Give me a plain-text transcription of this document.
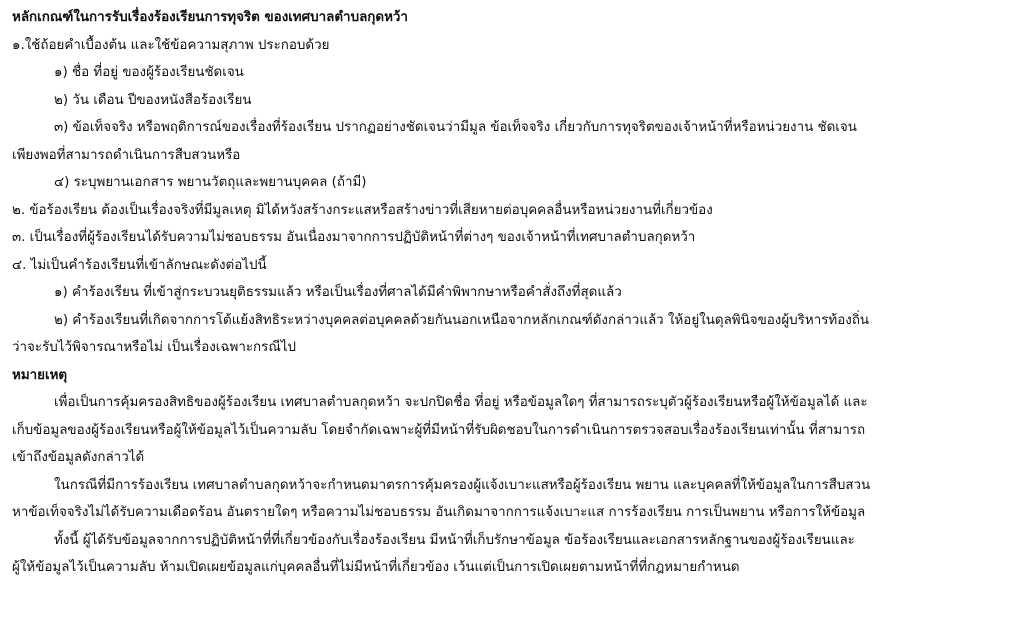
หลักเกณฑ์ในการรับเรื่องร้องเรียนการทุจริต ของเทศบาลตำบลกุดหว้า
๑.ใช้ถ้อยคำเบื้องต้น และใช้ข้อความสุภาพ ประกอบด้วย
๑) ชื่อ ที่อยู่ ของผู้ร้องเรียนชัดเจน
๒) วัน เดือน ปีของหนังสือร้องเรียน
๓) ข้อเท็จจริง หรือพฤติการณ์ของเรื่องที่ร้องเรียน ปรากฏอย่างชัดเจนว่ามีมูล ข้อเท็จจริง เกี่ยวกับการทุจริตของเจ้าหน้าที่หรือหน่วยงาน ชัดเจน
เพียงพอที่สามารถดำเนินการสืบสวนหรือ
๔) ระบุพยานเอกสาร พยานวัตถุและพยานบุคคล (ถ้ามี)
๒. ข้อร้องเรียน ต้องเป็นเรื่องจริงที่มีมูลเหตุ มิได้หวังสร้างกระแสหรือสร้างข่าวที่เสียหายต่อบุคคลอื่นหรือหน่วยงานที่เกี่ยวข้อง
๓. เป็นเรื่องที่ผู้ร้องเรียนได้รับความไม่ชอบธรรม อันเนื่องมาจากการปฏิบัติหน้าที่ต่างๆ ของเจ้าหน้าที่เทศบาลตำบลกุดหว้า
๔. ไม่เป็นคำร้องเรียนที่เข้าลักษณะดังต่อไปนี้
๑) คำร้องเรียน ที่เข้าสู่กระบวนยุติธรรมแล้ว หรือเป็นเรื่องที่ศาลได้มีคำพิพากษาหรือคำสั่งถึงที่สุดแล้ว
๒) คำร้องเรียนที่เกิดจากการโต้แย้งสิทธิระหว่างบุคคลต่อบุคคลด้วยกันนอกเหนือจากหลักเกณฑ์ดังกล่าวแล้ว ให้อยู่ในดุลพินิจของผู้บริหารท้องถิ่น
ว่าจะรับไว้พิจารณาหรือไม่ เป็นเรื่องเฉพาะกรณีไป
หมายเหตุ
เพื่อเป็นการคุ้มครองสิทธิของผู้ร้องเรียน เทศบาลตำบลกุดหว้า จะปกปิดชื่อ ที่อยู่ หรือข้อมูลใดๆ ที่สามารถระบุตัวผู้ร้องเรียนหรือผู้ให้ข้อมูลได้ และ
เก็บข้อมูลของผู้ร้องเรียนหรือผู้ให้ข้อมูลไว้เป็นความลับ โดยจำกัดเฉพาะผู้ที่มีหน้าที่รับผิดชอบในการดำเนินการตรวจสอบเรื่องร้องเรียนเท่านั้น ที่สามารถ
เข้าถึงข้อมูลดังกล่าวได้
ในกรณีที่มีการร้องเรียน เทศบาลตำบลกุดหว้าจะกำหนดมาตรการคุ้มครองผู้แจ้งเบาะแสหรือผู้ร้องเรียน พยาน และบุคคลที่ให้ข้อมูลในการสืบสวน
หาข้อเท็จจริงไม่ได้รับความเดือดร้อน อันตรายใดๆ หรือความไม่ชอบธรรม อันเกิดมาจากการแจ้งเบาะแส การร้องเรียน การเป็นพยาน หรือการให้ข้อมูล
ทั้งนี้ ผู้ได้รับข้อมูลจากการปฏิบัติหน้าที่ที่เกี่ยวข้องกับเรื่องร้องเรียน มีหน้าที่เก็บรักษาข้อมูล ข้อร้องเรียนและเอกสารหลักฐานของผู้ร้องเรียนและ
ผู้ให้ข้อมูลไว้เป็นความลับ ห้ามเปิดเผยข้อมูลแก่บุคคลอื่นที่ไม่มีหน้าที่เกี่ยวข้อง เว้นแต่เป็นการเปิดเผยตามหน้าที่ที่กฎหมายกำหนด
